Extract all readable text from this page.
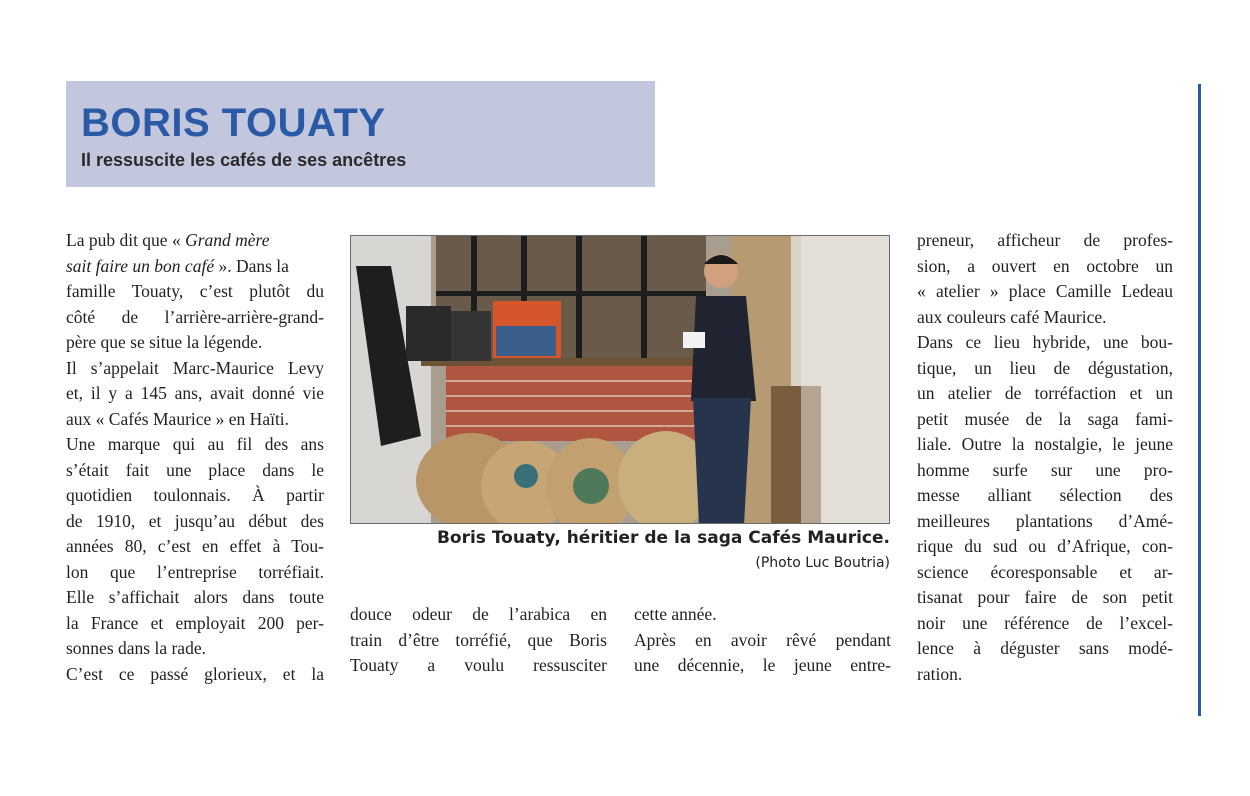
BORIS TOUATY
Il ressuscite les cafés de ses ancêtres
La pub dit que « Grand mère
sait faire un bon café ». Dans la
famille Touaty, c’est plutôt du
côté de l’arrière-arrière-grand-
père que se situe la légende.
Il s’appelait Marc-Maurice Levy
et, il y a 145 ans, avait donné vie
aux « Cafés Maurice » en Haïti.
Une marque qui au fil des ans
s’était fait une place dans le
quotidien toulonnais. À partir
de 1910, et jusqu’au début des
années 80, c’est en effet à Tou-
lon que l’entreprise torréfiait.
Elle s’affichait alors dans toute
la France et employait 200 per-
sonnes dans la rade.
C’est ce passé glorieux, et la
Boris Touaty, héritier de la saga Cafés Maurice.
(Photo Luc Boutria)
douce odeur de l’arabica en
train d’être torréfié, que Boris
Touaty a voulu ressusciter
cette année.
Après en avoir rêvé pendant
une décennie, le jeune entre-
preneur, afficheur de profes-
sion, a ouvert en octobre un
« atelier » place Camille Ledeau
aux couleurs café Maurice.
Dans ce lieu hybride, une bou-
tique, un lieu de dégustation,
un atelier de torréfaction et un
petit musée de la saga fami-
liale. Outre la nostalgie, le jeune
homme surfe sur une pro-
messe alliant sélection des
meilleures plantations d’Amé-
rique du sud ou d’Afrique, con-
science écoresponsable et ar-
tisanat pour faire de son petit
noir une référence de l’excel-
lence à déguster sans modé-
ration.
